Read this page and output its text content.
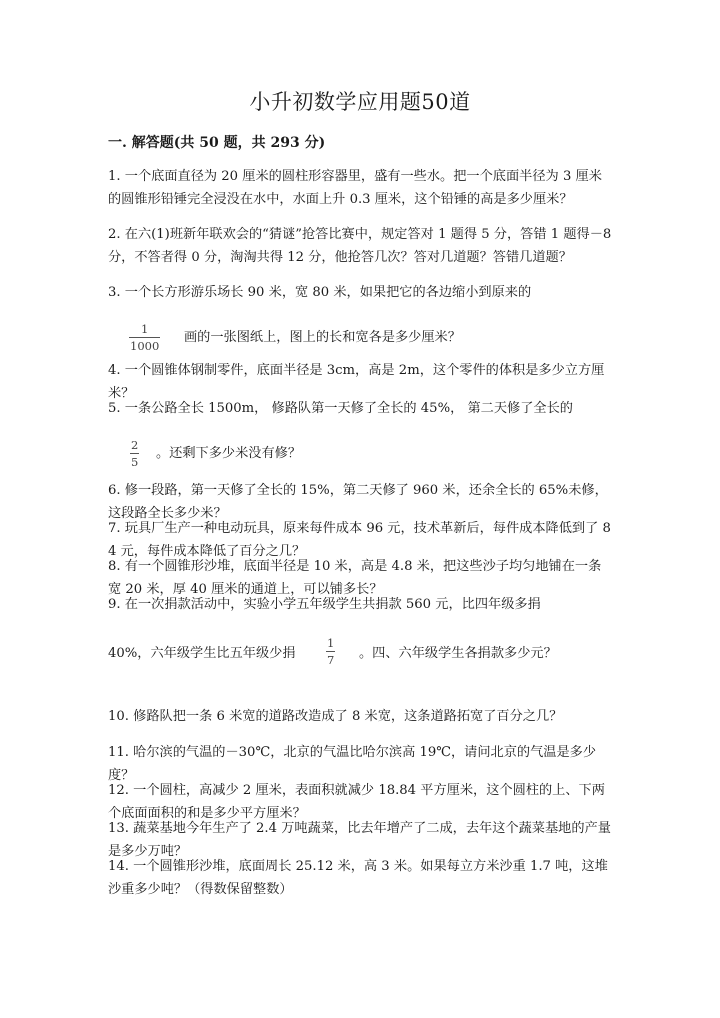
小升初数学应用题50道
一. 解答题(共 50 题，共 293 分)
1. 一个底面直径为 20 厘米的圆柱形容器里，盛有一些水。把一个底面半径为 3 厘米的圆锥形铅锤完全浸没在水中，水面上升 0.3 厘米，这个铅锤的高是多少厘米？
2. 在六(1)班新年联欢会的“猜谜”抢答比赛中，规定答对 1 题得 5 分，答错 1 题得－8 分，不答者得 0 分，淘淘共得 12 分，他抢答几次？答对几道题？答错几道题？
3. 一个长方形游乐场长 90 米，宽 80 米，如果把它的各边缩小到原来的
1
1000
画的一张图纸上，图上的长和宽各是多少厘米？
4. 一个圆锥体钢制零件，底面半径是 3cm，高是 2m，这个零件的体积是多少立方厘米？
5. 一条公路全长 1500m， 修路队第一天修了全长的 45%， 第二天修了全长的
2
5
。还剩下多少米没有修？
6. 修一段路，第一天修了全长的 15%，第二天修了 960 米，还余全长的 65%未修，这段路全长多少米？
7. 玩具厂生产一种电动玩具，原来每件成本 96 元，技术革新后，每件成本降低到了 84 元，每件成本降低了百分之几？
8. 有一个圆锥形沙堆，底面半径是 10 米，高是 4.8 米，把这些沙子均匀地铺在一条宽 20 米，厚 40 厘米的通道上，可以铺多长？
9. 在一次捐款活动中，实验小学五年级学生共捐款 560 元，比四年级多捐
40%，六年级学生比五年级少捐
1
7 。四、六年级学生各捐款多少元？
10. 修路队把一条 6 米宽的道路改造成了 8 米宽，这条道路拓宽了百分之几？
11. 哈尔滨的气温的－30℃，北京的气温比哈尔滨高 19℃，请问北京的气温是多少度？
12. 一个圆柱，高减少 2 厘米，表面积就减少 18.84 平方厘米，这个圆柱的上、下两个底面面积的和是多少平方厘米？
13. 蔬菜基地今年生产了 2.4 万吨蔬菜，比去年增产了二成，去年这个蔬菜基地的产量是多少万吨？
14. 一个圆锥形沙堆，底面周长 25.12 米，高 3 米。如果每立方米沙重 1.7 吨，这堆沙重多少吨？（得数保留整数）
